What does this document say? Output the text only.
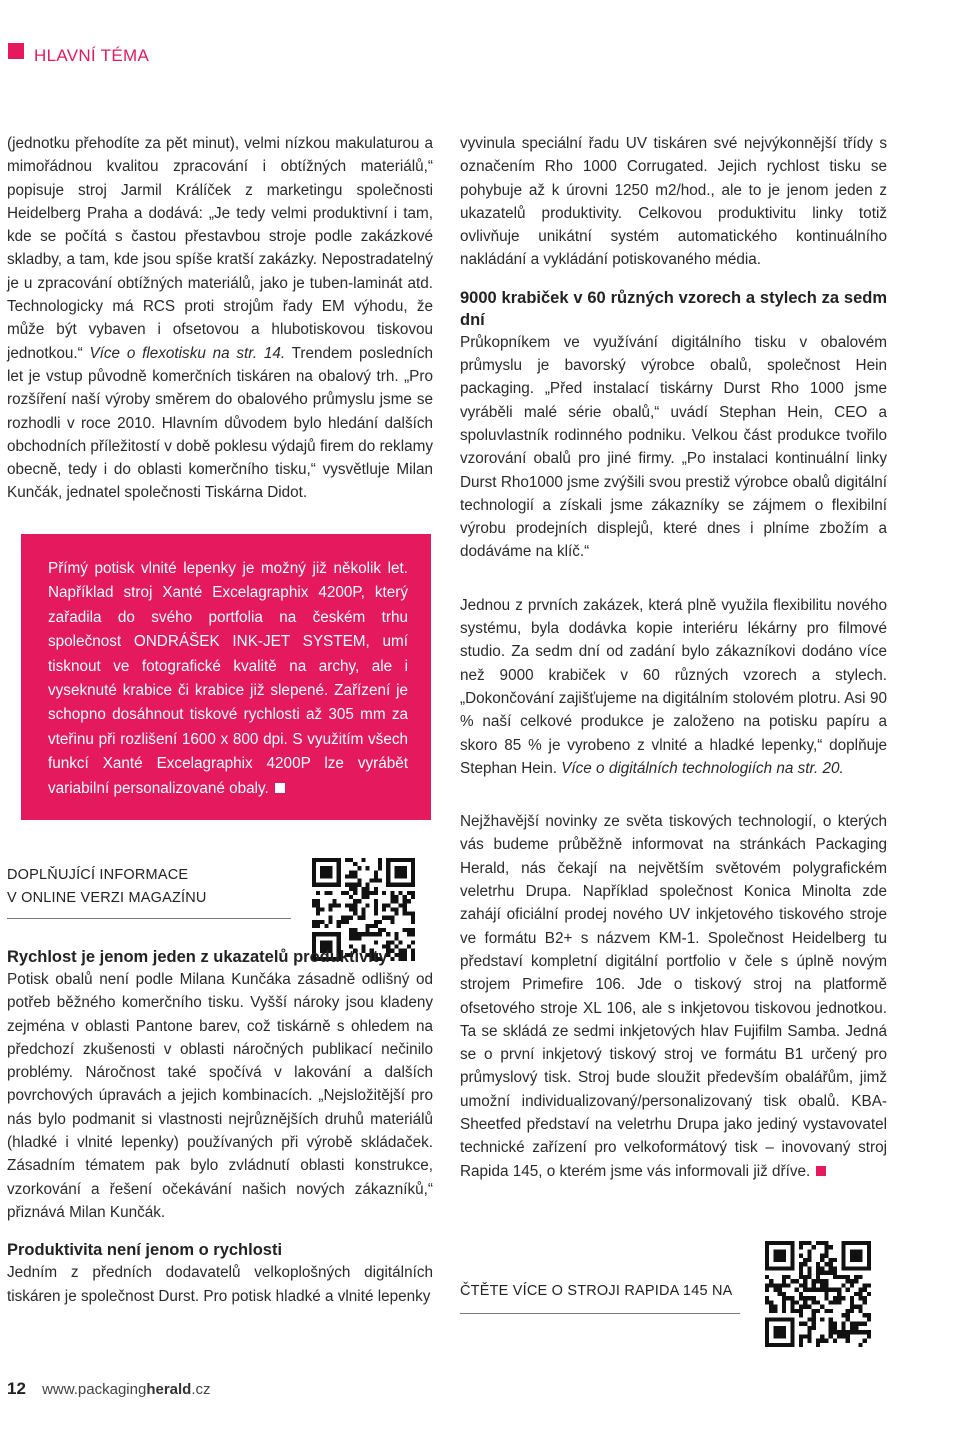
HLAVNÍ TÉMA

(jednotku přehodíte za pět minut), velmi nízkou makulaturou a mimořádnou kvalitou zpracování i obtížných materiálů,“ popisuje stroj Jarmil Králíček z marketingu společnosti Heidelberg Praha a dodává: „Je tedy velmi produktivní i tam, kde se počítá s častou přestavbou stroje podle zakázkové skladby, a tam, kde jsou spíše kratší zakázky. Nepostradatelný je u zpracování obtížných materiálů, jako je tuben-laminát atd. Technologicky má RCS proti strojům řady EM výhodu, že může být vybaven i ofsetovou a hlubotiskovou tiskovou jednotkou.“ Více o flexotisku na str. 14. Trendem posledních let je vstup původně komerčních tiskáren na obalový trh. „Pro rozšíření naší výroby směrem do obalového průmyslu jsme se rozhodli v roce 2010. Hlavním důvodem bylo hledání dalších obchodních příležitostí v době poklesu výdajů firem do reklamy obecně, tedy i do oblasti komerčního tisku,“ vysvětluje Milan Kunčák, jednatel společnosti Tiskárna Didot.

Přímý potisk vlnité lepenky je možný již několik let. Například stroj Xanté Excelagraphix 4200P, který zařadila do svého portfolia na českém trhu společnost ONDRÁŠEK INK-JET SYSTEM, umí tisknout ve fotografické kvalitě na archy, ale i vyseknuté krabice či krabice již slepené. Zařízení je schopno dosáhnout tiskové rychlosti až 305 mm za vteřinu při rozlišení 1600 x 800 dpi. S využitím všech funkcí Xanté Excelagraphix 4200P lze vyrábět variabilní personalizované obaly.

DOPLŇUJÍCÍ INFORMACE
V ONLINE VERZI MAGAZÍNU

Rychlost je jenom jeden z ukazatelů produktivity

Potisk obalů není podle Milana Kunčáka zásadně odlišný od potřeb běžného komerčního tisku. Vyšší nároky jsou kladeny zejména v oblasti Pantone barev, což tiskárně s ohledem na předchozí zkušenosti v oblasti náročných publikací nečinilo problémy. Náročnost také spočívá v lakování a dalších povrchových úpravách a jejich kombinacích. „Nejsložitější pro nás bylo podmanit si vlastnosti nejrůznějších druhů materiálů (hladké i vlnité lepenky) používaných při výrobě skládaček. Zásadním tématem pak bylo zvládnutí oblasti konstrukce, vzorkování a řešení očekávání našich nových zákazníků,“ přiznává Milan Kunčák.

Produktivita není jenom o rychlosti

Jedním z předních dodavatelů velkoplošných digitálních tiskáren je společnost Durst. Pro potisk hladké a vlnité lepenky

vyvinula speciální řadu UV tiskáren své nejvýkonnější třídy s označením Rho 1000 Corrugated. Jejich rychlost tisku se pohybuje až k úrovni 1250 m2/hod., ale to je jenom jeden z ukazatelů produktivity. Celkovou produktivitu linky totiž ovlivňuje unikátní systém automatického kontinuálního nakládání a vykládání potiskovaného média.

9000 krabiček v 60 různých vzorech a stylech za sedm dní

Průkopníkem ve využívání digitálního tisku v obalovém průmyslu je bavorský výrobce obalů, společnost Hein packaging. „Před instalací tiskárny Durst Rho 1000 jsme vyráběli malé série obalů,“ uvádí Stephan Hein, CEO a spoluvlastník rodinného podniku. Velkou část produkce tvořilo vzorování obalů pro jiné firmy. „Po instalaci kontinuální linky Durst Rho1000 jsme zvýšili svou prestiž výrobce obalů digitální technologií a získali jsme zákazníky se zájmem o flexibilní výrobu prodejních displejů, které dnes i plníme zbožím a dodáváme na klíč.“

Jednou z prvních zakázek, která plně využila flexibilitu nového systému, byla dodávka kopie interiéru lékárny pro filmové studio. Za sedm dní od zadání bylo zákazníkovi dodáno více než 9000 krabiček v 60 různých vzorech a stylech. „Dokončování zajišťujeme na digitálním stolovém plotru. Asi 90 % naší celkové produkce je založeno na potisku papíru a skoro 85 % je vyrobeno z vlnité a hladké lepenky,“ doplňuje Stephan Hein. Více o digitálních technologiích na str. 20.

Nejžhavější novinky ze světa tiskových technologií, o kterých vás budeme průběžně informovat na stránkách Packaging Herald, nás čekají na největším světovém polygrafickém veletrhu Drupa. Například společnost Konica Minolta zde zahájí oficiální prodej nového UV inkjetového tiskového stroje ve formátu B2+ s názvem KM-1. Společnost Heidelberg tu představí kompletní digitální portfolio v čele s úplně novým strojem Primefire 106. Jde o tiskový stroj na platformě ofsetového stroje XL 106, ale s inkjetovou tiskovou jednotkou. Ta se skládá ze sedmi inkjetových hlav Fujifilm Samba. Jedná se o první inkjetový tiskový stroj ve formátu B1 určený pro průmyslový tisk. Stroj bude sloužit především obalářům, jimž umožní individualizovaný/personalizovaný tisk obalů. KBA-Sheetfed představí na veletrhu Drupa jako jediný vystavovatel technické zařízení pro velkoformátový tisk – inovovaný stroj Rapida 145, o kterém jsme vás informovali již dříve.

ČTĚTE VÍCE O STROJI RAPIDA 145 NA
12 www.packagingherald.cz
